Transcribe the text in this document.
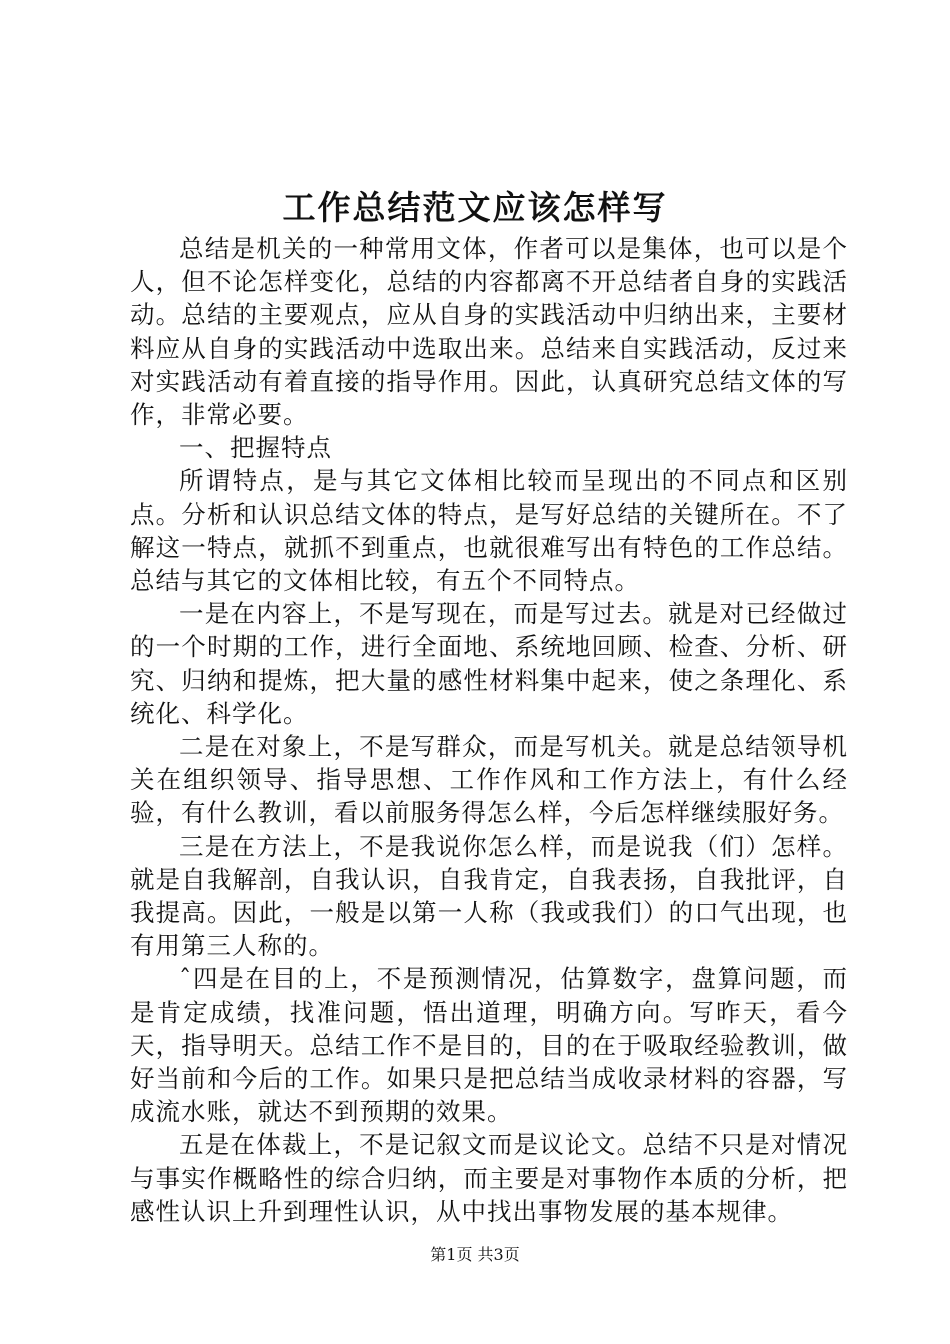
工作总结范文应该怎样写

总结是机关的一种常用文体，作者可以是集体，也可以是个人，但不论怎样变化，总结的内容都离不开总结者自身的实践活动。总结的主要观点，应从自身的实践活动中归纳出来，主要材料应从自身的实践活动中选取出来。总结来自实践活动，反过来对实践活动有着直接的指导作用。因此，认真研究总结文体的写作，非常必要。

一、把握特点

所谓特点，是与其它文体相比较而呈现出的不同点和区别点。分析和认识总结文体的特点，是写好总结的关键所在。不了解这一特点，就抓不到重点，也就很难写出有特色的工作总结。总结与其它的文体相比较，有五个不同特点。

一是在内容上，不是写现在，而是写过去。就是对已经做过的一个时期的工作，进行全面地、系统地回顾、检查、分析、研究、归纳和提炼，把大量的感性材料集中起来，使之条理化、系统化、科学化。

二是在对象上，不是写群众，而是写机关。就是总结领导机关在组织领导、指导思想、工作作风和工作方法上，有什么经验，有什么教训，看以前服务得怎么样，今后怎样继续服好务。

三是在方法上，不是我说你怎么样，而是说我（们）怎样。就是自我解剖，自我认识，自我肯定，自我表扬，自我批评，自我提高。因此，一般是以第一人称（我或我们）的口气出现，也有用第三人称的。

ˆ四是在目的上，不是预测情况，估算数字，盘算问题，而是肯定成绩，找准问题，悟出道理，明确方向。写昨天，看今天，指导明天。总结工作不是目的，目的在于吸取经验教训，做好当前和今后的工作。如果只是把总结当成收录材料的容器，写成流水账，就达不到预期的效果。

五是在体裁上，不是记叙文而是议论文。总结不只是对情况与事实作概略性的综合归纳，而主要是对事物作本质的分析，把感性认识上升到理性认识，从中找出事物发展的基本规律。

第1页 共3页
